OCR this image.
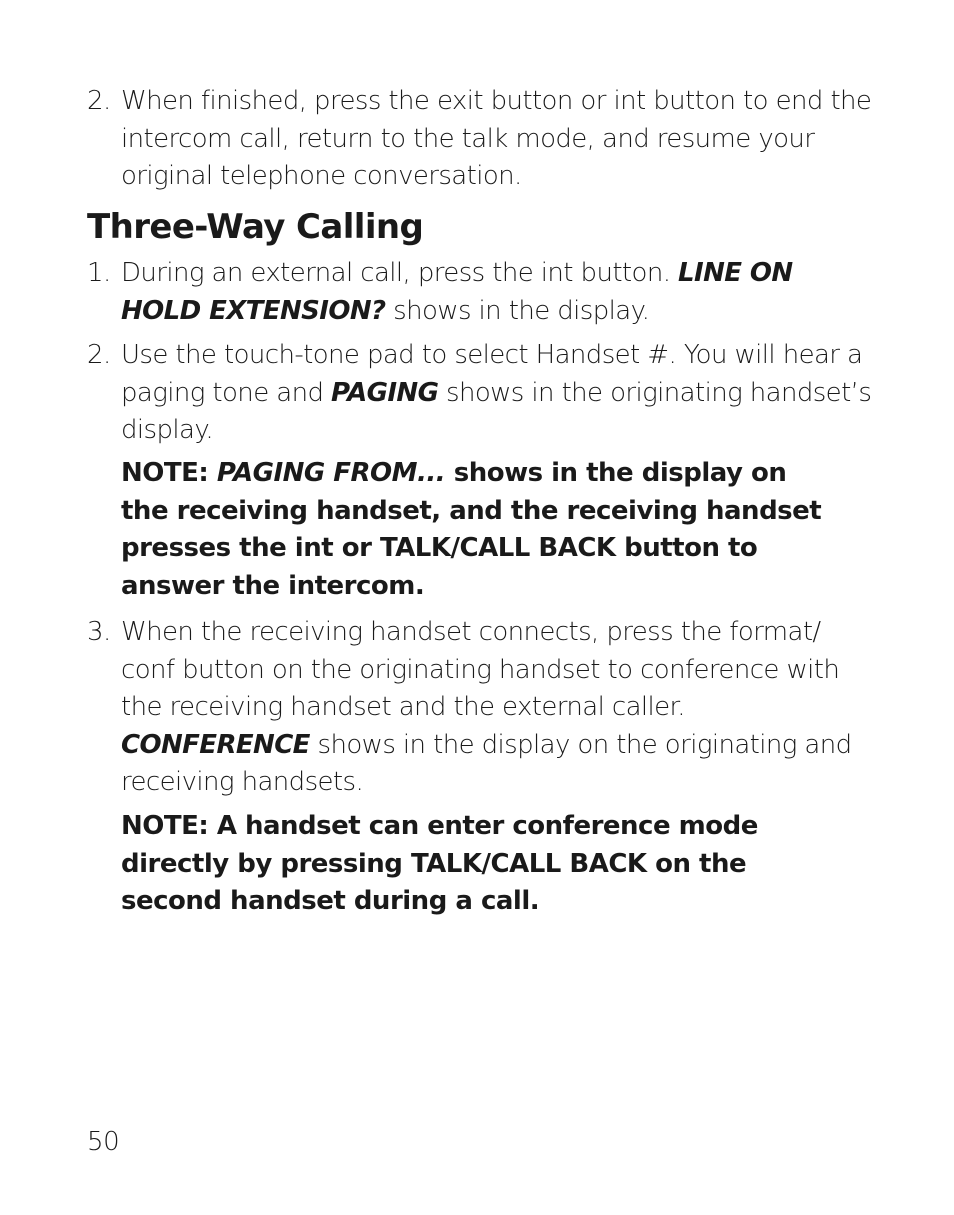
2. When finished, press the exit button or int button to end the intercom call, return to the talk mode, and resume your original telephone conversation.
Three-Way Calling
1. During an external call, press the int button. LINE ON HOLD EXTENSION? shows in the display.
2. Use the touch-tone pad to select Handset #. You will hear a paging tone and PAGING shows in the originating handset’s display.
NOTE: PAGING FROM... shows in the display on the receiving handset, and the receiving handset presses the int or TALK/CALL BACK button to answer the intercom.
3. When the receiving handset connects, press the format/ conf button on the originating handset to conference with the receiving handset and the external caller. CONFERENCE shows in the display on the originating and receiving handsets.
NOTE: A handset can enter conference mode directly by pressing TALK/CALL BACK on the second handset during a call.
50
